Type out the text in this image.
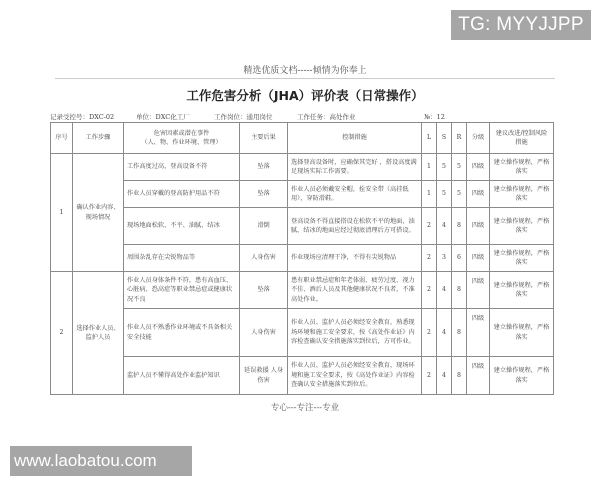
TG: MYYJJPP
精选优质文档-----倾情为你奉上
工作危害分析（JHA）评价表（日常操作）
记录受控号：DXC-02	单位：DXC化工厂	工作岗位：通用岗位	工作任务：高处作业	№：12
序号	工作步骤	危害因素或潜在事件
（人、物、作业环境、管理）	主要后果	控制措施	L	S	R	分级	建议改进/控制风险措施
1	确认作业内容、现场情况	工作高度过高，登高设备不符	坠落	选择登高设备时，应确保其完好 ，搭设高度满足现场实际工作需要。	1	5	5	四级	建立操作规程，严格落实
		作业人员穿戴的登高防护用品不符	坠落	作业人员必须戴安全帽，拴安全带（高挂低用），穿防滑鞋。	1	5	5	四级	建立操作规程，严格落实
		现场地面松软、不平、油腻、结冰	滑倒	登高设备不得直接搭设在松软不平的地面，油腻、结冰的地面应经过彻底清理后方可搭设。	2	4	8	四级	建立操作规程，严格落实
		周围杂乱存在尖锐物品等	人身伤害	作业现场应清理干净，不得有尖锐物品	2	3	6	四级	建立操作规程，严格落实
2	选择作业人员、监护人员	作业人员身体条件不符，患有高血压、心脏病、恐高症等职业禁忌症或健康状况不良	坠落	患有职业禁忌症和年老体弱、疲劳过度、视力不佳、酒后人员及其他健康状况不良者，不准高处作业。	2	4	8	四级	建立操作规程，严格落实
		作业人员不熟悉作业环境或不具备相关安全技能	人身伤害	作业人员、监护人员必须经安全教育，熟悉现场环境和施工安全要求，按《高处作业证》内容检查确认安全措施落实到位后，方可作业。	2	4	8	四级	建立操作规程，严格落实
		监护人员不懂得高处作业监护知识	延误救援 人身伤害	作业人员、监护人员必须经安全教育，现场环境和施工安全要求，按《高处作业证》内容检查确认安全措施落实到位后。	2	4	8	四级	建立操作规程，严格落实
专心---专注---专业
www.laobatou.com
